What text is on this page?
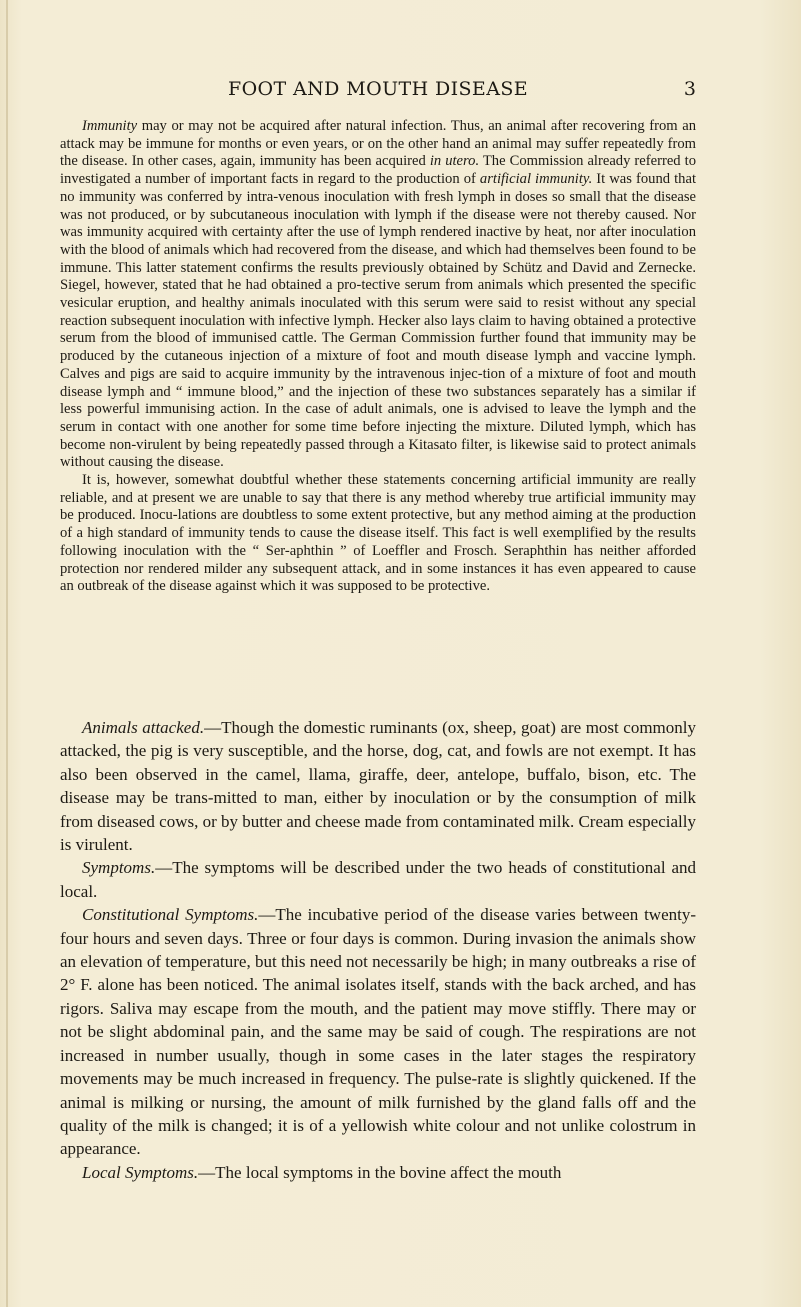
FOOT AND MOUTH DISEASE	3

Immunity may or may not be acquired after natural infection. Thus, an animal after recovering from an attack may be immune for months or even years, or on the other hand an animal may suffer repeatedly from the disease. In other cases, again, immunity has been acquired in utero. The Commission already referred to investigated a number of important facts in regard to the production of artificial immunity. It was found that no immunity was conferred by intra-venous inoculation with fresh lymph in doses so small that the disease was not produced, or by subcutaneous inoculation with lymph if the disease were not thereby caused. Nor was immunity acquired with certainty after the use of lymph rendered inactive by heat, nor after inoculation with the blood of animals which had recovered from the disease, and which had themselves been found to be immune. This latter statement confirms the results previously obtained by Schütz and David and Zernecke. Siegel, however, stated that he had obtained a pro-tective serum from animals which presented the specific vesicular eruption, and healthy animals inoculated with this serum were said to resist without any special reaction subsequent inoculation with infective lymph. Hecker also lays claim to having obtained a protective serum from the blood of immunised cattle. The German Commission further found that immunity may be produced by the cutaneous injection of a mixture of foot and mouth disease lymph and vaccine lymph. Calves and pigs are said to acquire immunity by the intravenous injec-tion of a mixture of foot and mouth disease lymph and “ immune blood,” and the injection of these two substances separately has a similar if less powerful immunising action. In the case of adult animals, one is advised to leave the lymph and the serum in contact with one another for some time before injecting the mixture. Diluted lymph, which has become non-virulent by being repeatedly passed through a Kitasato filter, is likewise said to protect animals without causing the disease.

It is, however, somewhat doubtful whether these statements concerning artificial immunity are really reliable, and at present we are unable to say that there is any method whereby true artificial immunity may be produced. Inocu-lations are doubtless to some extent protective, but any method aiming at the production of a high standard of immunity tends to cause the disease itself. This fact is well exemplified by the results following inoculation with the “ Ser-aphthin ” of Loeffler and Frosch. Seraphthin has neither afforded protection nor rendered milder any subsequent attack, and in some instances it has even appeared to cause an outbreak of the disease against which it was supposed to be protective.

Animals attacked.—Though the domestic ruminants (ox, sheep, goat) are most commonly attacked, the pig is very susceptible, and the horse, dog, cat, and fowls are not exempt. It has also been observed in the camel, llama, giraffe, deer, antelope, buffalo, bison, etc. The disease may be trans-mitted to man, either by inoculation or by the consumption of milk from diseased cows, or by butter and cheese made from contaminated milk. Cream especially is virulent.

Symptoms.—The symptoms will be described under the two heads of constitutional and local.

Constitutional Symptoms.—The incubative period of the disease varies between twenty-four hours and seven days. Three or four days is common. During invasion the animals show an elevation of temperature, but this need not necessarily be high; in many outbreaks a rise of 2° F. alone has been noticed. The animal isolates itself, stands with the back arched, and has rigors. Saliva may escape from the mouth, and the patient may move stiffly. There may or not be slight abdominal pain, and the same may be said of cough. The respirations are not increased in number usually, though in some cases in the later stages the respiratory movements may be much increased in frequency. The pulse-rate is slightly quickened. If the animal is milking or nursing, the amount of milk furnished by the gland falls off and the quality of the milk is changed; it is of a yellowish white colour and not unlike colostrum in appearance.

Local Symptoms.—The local symptoms in the bovine affect the mouth
